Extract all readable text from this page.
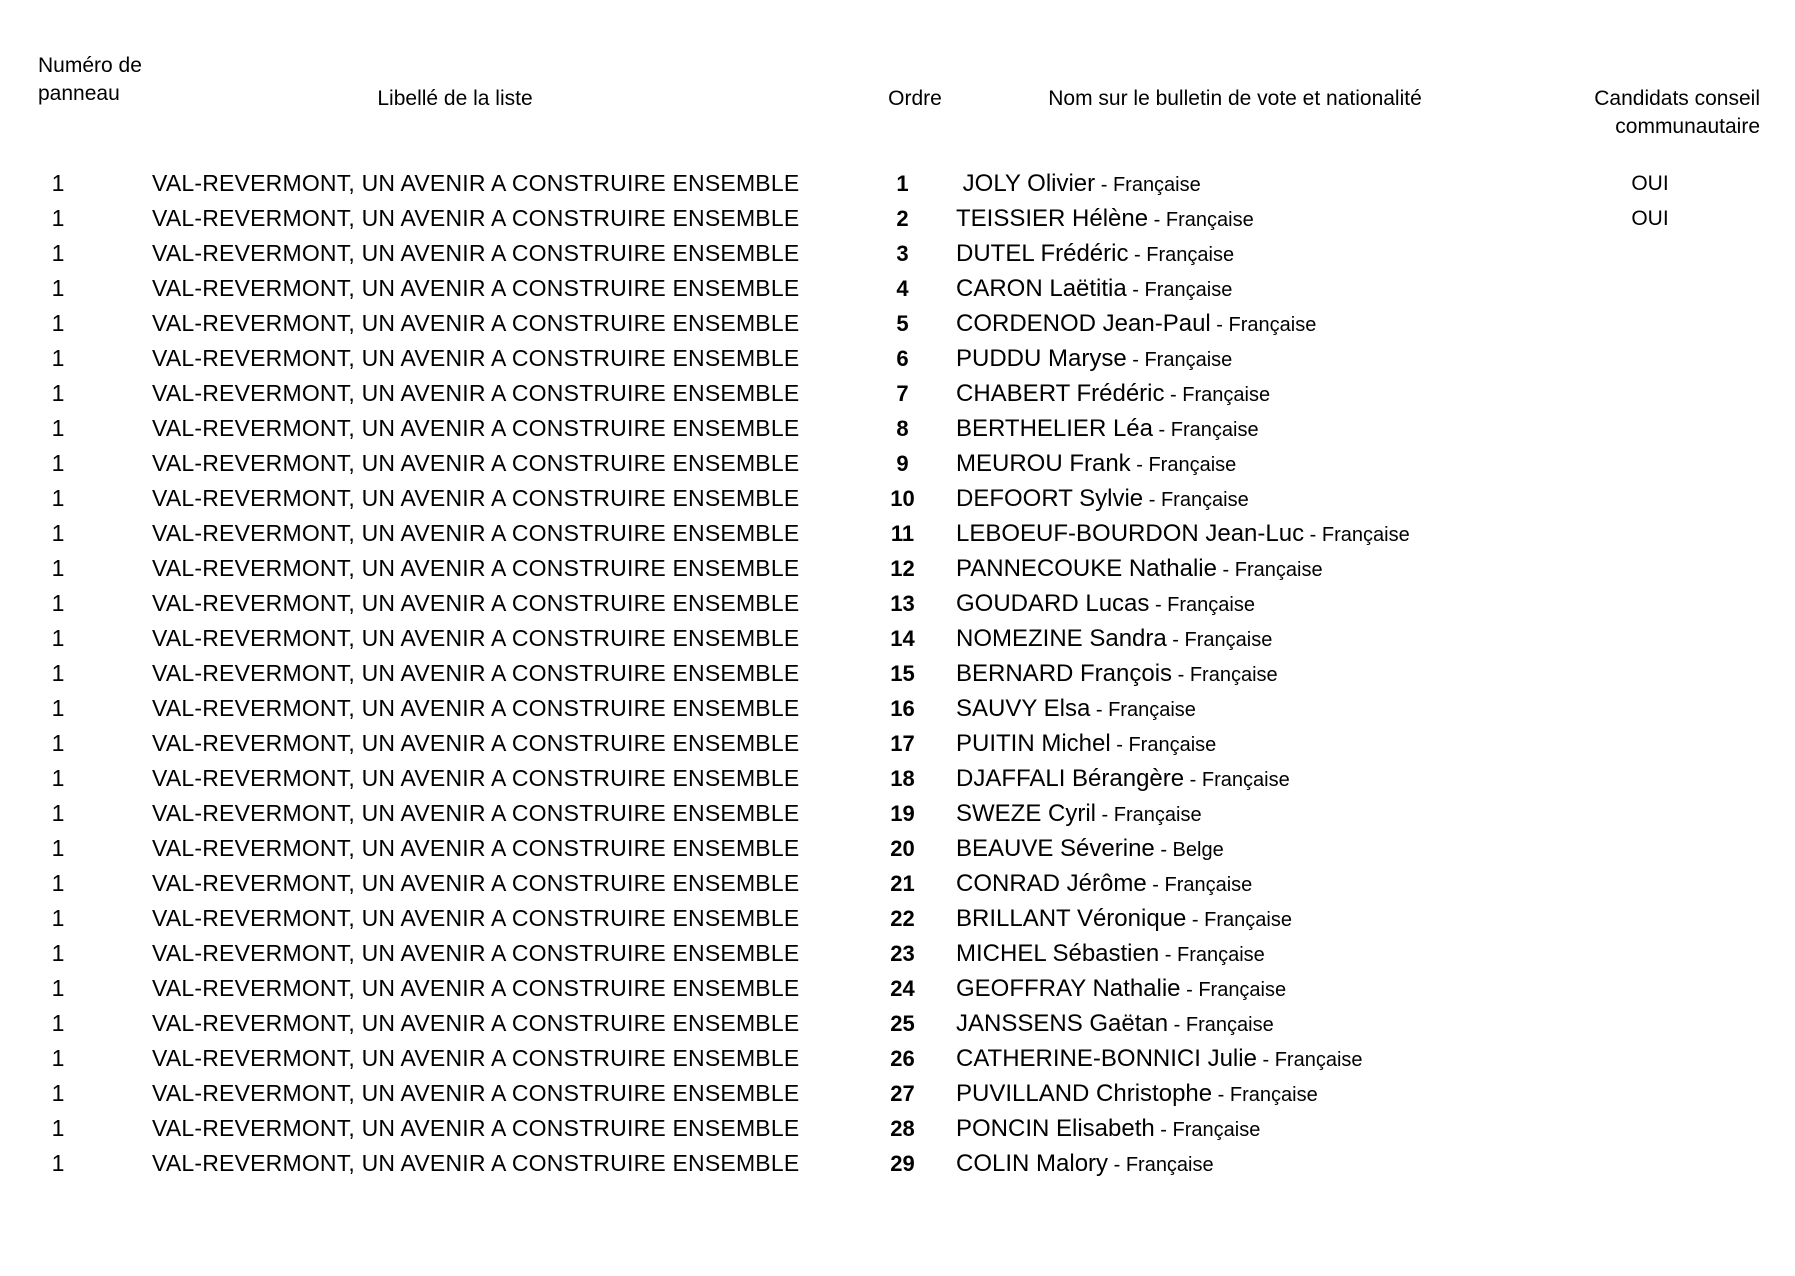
Numéro de
panneau	Libellé de la liste	Ordre	Nom sur le bulletin de vote et nationalité	Candidats conseil
communautaire
1	VAL-REVERMONT, UN AVENIR A CONSTRUIRE ENSEMBLE	1	JOLY Olivier - Française	OUI
1	VAL-REVERMONT, UN AVENIR A CONSTRUIRE ENSEMBLE	2	TEISSIER Hélène - Française	OUI
1	VAL-REVERMONT, UN AVENIR A CONSTRUIRE ENSEMBLE	3	DUTEL Frédéric - Française
1	VAL-REVERMONT, UN AVENIR A CONSTRUIRE ENSEMBLE	4	CARON Laëtitia - Française
1	VAL-REVERMONT, UN AVENIR A CONSTRUIRE ENSEMBLE	5	CORDENOD Jean-Paul - Française
1	VAL-REVERMONT, UN AVENIR A CONSTRUIRE ENSEMBLE	6	PUDDU Maryse - Française
1	VAL-REVERMONT, UN AVENIR A CONSTRUIRE ENSEMBLE	7	CHABERT Frédéric - Française
1	VAL-REVERMONT, UN AVENIR A CONSTRUIRE ENSEMBLE	8	BERTHELIER Léa - Française
1	VAL-REVERMONT, UN AVENIR A CONSTRUIRE ENSEMBLE	9	MEUROU Frank - Française
1	VAL-REVERMONT, UN AVENIR A CONSTRUIRE ENSEMBLE	10	DEFOORT Sylvie - Française
1	VAL-REVERMONT, UN AVENIR A CONSTRUIRE ENSEMBLE	11	LEBOEUF-BOURDON Jean-Luc - Française
1	VAL-REVERMONT, UN AVENIR A CONSTRUIRE ENSEMBLE	12	PANNECOUKE Nathalie - Française
1	VAL-REVERMONT, UN AVENIR A CONSTRUIRE ENSEMBLE	13	GOUDARD Lucas - Française
1	VAL-REVERMONT, UN AVENIR A CONSTRUIRE ENSEMBLE	14	NOMEZINE Sandra - Française
1	VAL-REVERMONT, UN AVENIR A CONSTRUIRE ENSEMBLE	15	BERNARD François - Française
1	VAL-REVERMONT, UN AVENIR A CONSTRUIRE ENSEMBLE	16	SAUVY Elsa - Française
1	VAL-REVERMONT, UN AVENIR A CONSTRUIRE ENSEMBLE	17	PUITIN Michel - Française
1	VAL-REVERMONT, UN AVENIR A CONSTRUIRE ENSEMBLE	18	DJAFFALI Bérangère - Française
1	VAL-REVERMONT, UN AVENIR A CONSTRUIRE ENSEMBLE	19	SWEZE Cyril - Française
1	VAL-REVERMONT, UN AVENIR A CONSTRUIRE ENSEMBLE	20	BEAUVE Séverine - Belge
1	VAL-REVERMONT, UN AVENIR A CONSTRUIRE ENSEMBLE	21	CONRAD Jérôme - Française
1	VAL-REVERMONT, UN AVENIR A CONSTRUIRE ENSEMBLE	22	BRILLANT Véronique - Française
1	VAL-REVERMONT, UN AVENIR A CONSTRUIRE ENSEMBLE	23	MICHEL Sébastien - Française
1	VAL-REVERMONT, UN AVENIR A CONSTRUIRE ENSEMBLE	24	GEOFFRAY Nathalie - Française
1	VAL-REVERMONT, UN AVENIR A CONSTRUIRE ENSEMBLE	25	JANSSENS Gaëtan - Française
1	VAL-REVERMONT, UN AVENIR A CONSTRUIRE ENSEMBLE	26	CATHERINE-BONNICI Julie - Française
1	VAL-REVERMONT, UN AVENIR A CONSTRUIRE ENSEMBLE	27	PUVILLAND Christophe - Française
1	VAL-REVERMONT, UN AVENIR A CONSTRUIRE ENSEMBLE	28	PONCIN Elisabeth - Française
1	VAL-REVERMONT, UN AVENIR A CONSTRUIRE ENSEMBLE	29	COLIN Malory - Française
